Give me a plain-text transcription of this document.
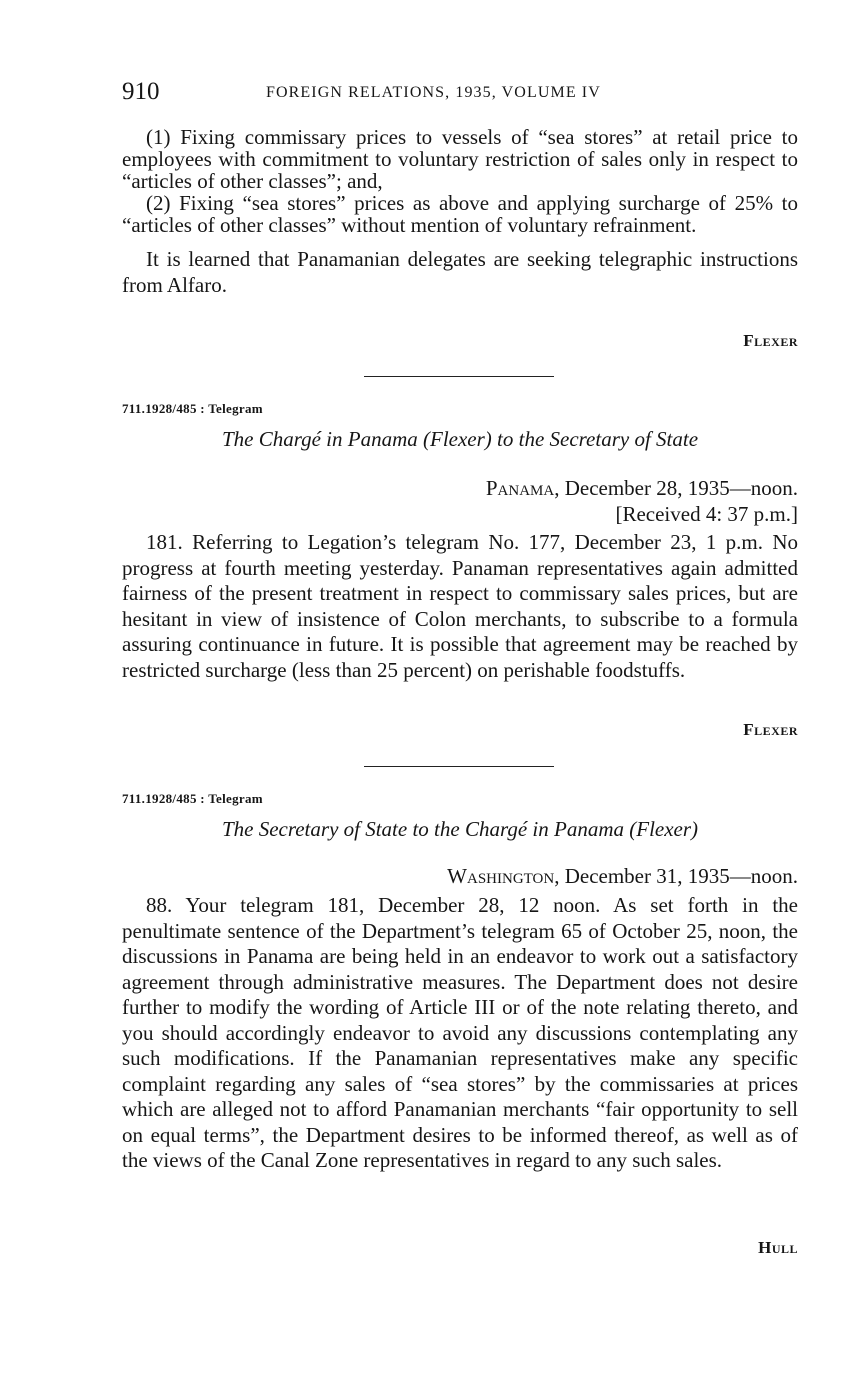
910	FOREIGN RELATIONS, 1935, VOLUME IV

(1) Fixing commissary prices to vessels of “sea stores” at retail price to employees with commitment to voluntary restriction of sales only in respect to “articles of other classes”; and,

(2) Fixing “sea stores” prices as above and applying surcharge of 25% to “articles of other classes” without mention of voluntary refrainment.

It is learned that Panamanian delegates are seeking telegraphic instructions from Alfaro.

Flexer
711.1928/485 : Telegram
The Chargé in Panama (Flexer) to the Secretary of State
Panama, December 28, 1935—noon.
[Received 4: 37 p.m.]

181. Referring to Legation’s telegram No. 177, December 23, 1 p.m. No progress at fourth meeting yesterday. Panaman representatives again admitted fairness of the present treatment in respect to commissary sales prices, but are hesitant in view of insistence of Colon merchants, to subscribe to a formula assuring continuance in future. It is possible that agreement may be reached by restricted surcharge (less than 25 percent) on perishable foodstuffs.

Flexer
711.1928/485 : Telegram
The Secretary of State to the Chargé in Panama (Flexer)
Washington, December 31, 1935—noon.

88. Your telegram 181, December 28, 12 noon. As set forth in the penultimate sentence of the Department’s telegram 65 of October 25, noon, the discussions in Panama are being held in an endeavor to work out a satisfactory agreement through administrative measures. The Department does not desire further to modify the wording of Article III or of the note relating thereto, and you should accordingly endeavor to avoid any discussions contemplating any such modifications. If the Panamanian representatives make any specific complaint regarding any sales of “sea stores” by the commissaries at prices which are alleged not to afford Panamanian merchants “fair opportunity to sell on equal terms”, the Department desires to be informed thereof, as well as of the views of the Canal Zone representatives in regard to any such sales.

Hull
